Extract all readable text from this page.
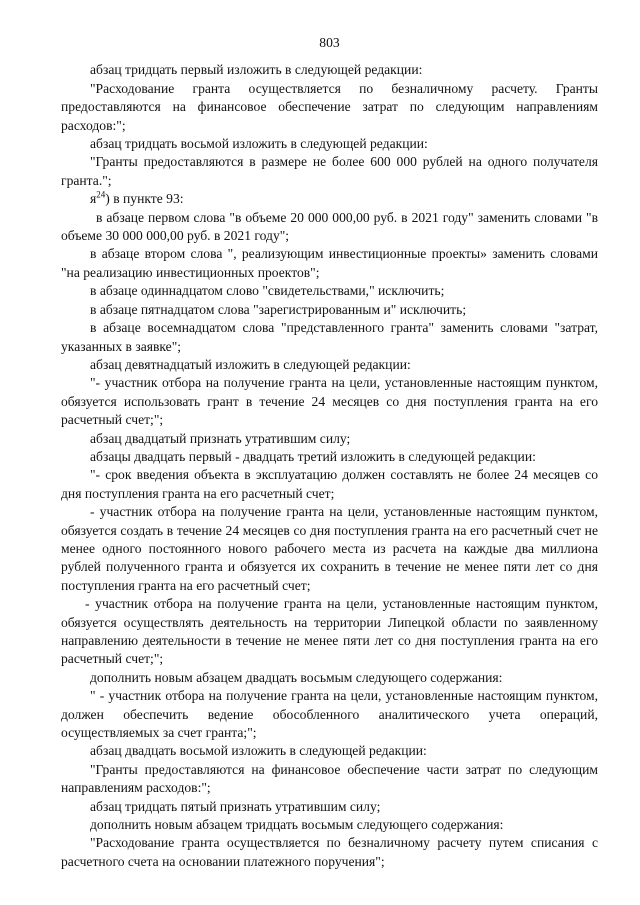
803

абзац тридцать первый изложить в следующей редакции:

"Расходование гранта осуществляется по безналичному расчету. Гранты предоставляются на финансовое обеспечение затрат по следующим направлениям расходов:";

абзац тридцать восьмой изложить в следующей редакции:

"Гранты предоставляются в размере не более 600 000 рублей на одного получателя гранта.";

$я^{24}$) в пункте 93:

в абзаце первом слова "в объеме 20 000 000,00 руб. в 2021 году" заменить словами "в объеме 30 000 000,00 руб. в 2021 году";

в абзаце втором слова ", реализующим инвестиционные проекты» заменить словами "на реализацию инвестиционных проектов";

в абзаце одиннадцатом слово "свидетельствами," исключить;

в абзаце пятнадцатом слова "зарегистрированным и" исключить;

в абзаце восемнадцатом слова "представленного гранта" заменить словами "затрат, указанных в заявке";

абзац девятнадцатый изложить в следующей редакции:

"- участник отбора на получение гранта на цели, установленные настоящим пунктом, обязуется использовать грант в течение 24 месяцев со дня поступления гранта на его расчетный счет;";

абзац двадцатый признать утратившим силу;

абзацы двадцать первый - двадцать третий изложить в следующей редакции:

"- срок введения объекта в эксплуатацию должен составлять не более 24 месяцев со дня поступления гранта на его расчетный счет;

- участник отбора на получение гранта на цели, установленные настоящим пунктом, обязуется создать в течение 24 месяцев со дня поступления гранта на его расчетный счет не менее одного постоянного нового рабочего места из расчета на каждые два миллиона рублей полученного гранта и обязуется их сохранить в течение не менее пяти лет со дня поступления гранта на его расчетный счет;

- участник отбора на получение гранта на цели, установленные настоящим пунктом, обязуется осуществлять деятельность на территории Липецкой области по заявленному направлению деятельности в течение не менее пяти лет со дня поступления гранта на его расчетный счет;";

дополнить новым абзацем двадцать восьмым следующего содержания:

" - участник отбора на получение гранта на цели, установленные настоящим пунктом, должен обеспечить ведение обособленного аналитического учета операций, осуществляемых за счет гранта;";

абзац двадцать восьмой изложить в следующей редакции:

"Гранты предоставляются на финансовое обеспечение части затрат по следующим направлениям расходов:";

абзац тридцать пятый признать утратившим силу;

дополнить новым абзацем тридцать восьмым следующего содержания:

"Расходование гранта осуществляется по безналичному расчету путем списания с расчетного счета на основании платежного поручения";
